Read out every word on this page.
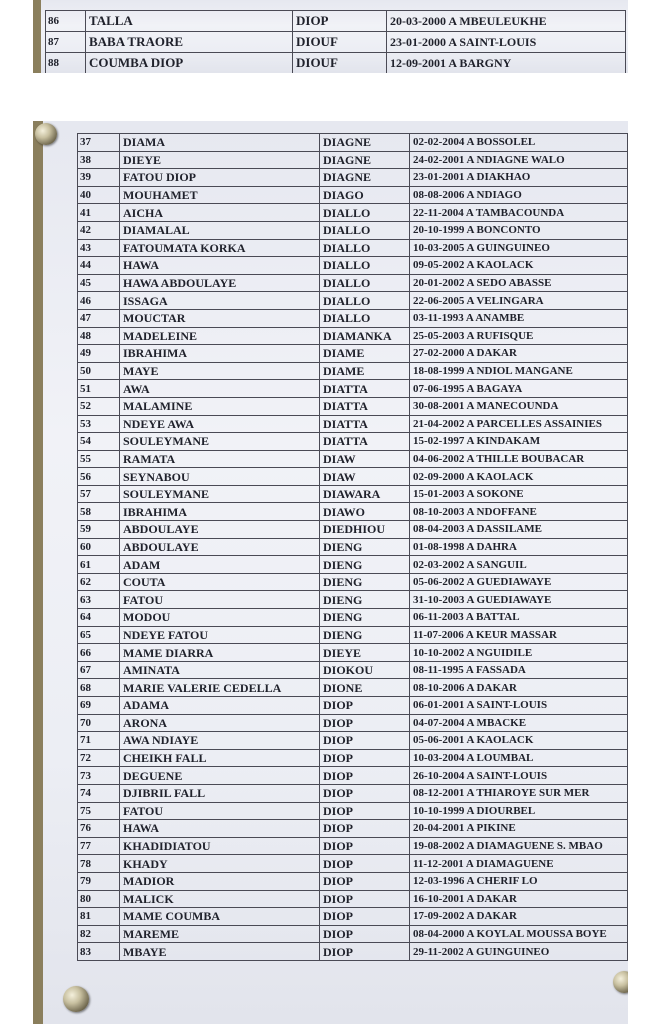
86	TALLA	DIOP	20-03-2000 A MBEULEUKHE
87	BABA TRAORE	DIOUF	23-01-2000 A SAINT-LOUIS
88	COUMBA DIOP	DIOUF	12-09-2001 A BARGNY
37	DIAMA	DIAGNE	02-02-2004 A BOSSOLEL
38	DIEYE	DIAGNE	24-02-2001 A NDIAGNE WALO
39	FATOU DIOP	DIAGNE	23-01-2001 A DIAKHAO
40	MOUHAMET	DIAGO	08-08-2006 A NDIAGO
41	AICHA	DIALLO	22-11-2004 A TAMBACOUNDA
42	DIAMALAL	DIALLO	20-10-1999 A BONCONTO
43	FATOUMATA KORKA	DIALLO	10-03-2005 A GUINGUINEO
44	HAWA	DIALLO	09-05-2002 A KAOLACK
45	HAWA ABDOULAYE	DIALLO	20-01-2002 A SEDO ABASSE
46	ISSAGA	DIALLO	22-06-2005 A VELINGARA
47	MOUCTAR	DIALLO	03-11-1993 A ANAMBE
48	MADELEINE	DIAMANKA	25-05-2003 A RUFISQUE
49	IBRAHIMA	DIAME	27-02-2000 A DAKAR
50	MAYE	DIAME	18-08-1999 A NDIOL MANGANE
51	AWA	DIATTA	07-06-1995 A BAGAYA
52	MALAMINE	DIATTA	30-08-2001 A MANECOUNDA
53	NDEYE AWA	DIATTA	21-04-2002 A PARCELLES ASSAINIES
54	SOULEYMANE	DIATTA	15-02-1997 A KINDAKAM
55	RAMATA	DIAW	04-06-2002 A THILLE BOUBACAR
56	SEYNABOU	DIAW	02-09-2000 A KAOLACK
57	SOULEYMANE	DIAWARA	15-01-2003 A SOKONE
58	IBRAHIMA	DIAWO	08-10-2003 A NDOFFANE
59	ABDOULAYE	DIEDHIOU	08-04-2003 A DASSILAME
60	ABDOULAYE	DIENG	01-08-1998 A DAHRA
61	ADAM	DIENG	02-03-2002 A SANGUIL
62	COUTA	DIENG	05-06-2002 A GUEDIAWAYE
63	FATOU	DIENG	31-10-2003 A GUEDIAWAYE
64	MODOU	DIENG	06-11-2003 A BATTAL
65	NDEYE FATOU	DIENG	11-07-2006 A KEUR MASSAR
66	MAME DIARRA	DIEYE	10-10-2002 A NGUIDILE
67	AMINATA	DIOKOU	08-11-1995 A FASSADA
68	MARIE VALERIE CEDELLA	DIONE	08-10-2006 A DAKAR
69	ADAMA	DIOP	06-01-2001 A SAINT-LOUIS
70	ARONA	DIOP	04-07-2004 A MBACKE
71	AWA NDIAYE	DIOP	05-06-2001 A KAOLACK
72	CHEIKH FALL	DIOP	10-03-2004 A LOUMBAL
73	DEGUENE	DIOP	26-10-2004 A SAINT-LOUIS
74	DJIBRIL FALL	DIOP	08-12-2001 A THIAROYE SUR MER
75	FATOU	DIOP	10-10-1999 A DIOURBEL
76	HAWA	DIOP	20-04-2001 A PIKINE
77	KHADIDIATOU	DIOP	19-08-2002 A DIAMAGUENE S. MBAO
78	KHADY	DIOP	11-12-2001 A DIAMAGUENE
79	MADIOR	DIOP	12-03-1996 A CHERIF LO
80	MALICK	DIOP	16-10-2001 A DAKAR
81	MAME COUMBA	DIOP	17-09-2002 A DAKAR
82	MAREME	DIOP	08-04-2000 A KOYLAL MOUSSA BOYE
83	MBAYE	DIOP	29-11-2002 A GUINGUINEO
